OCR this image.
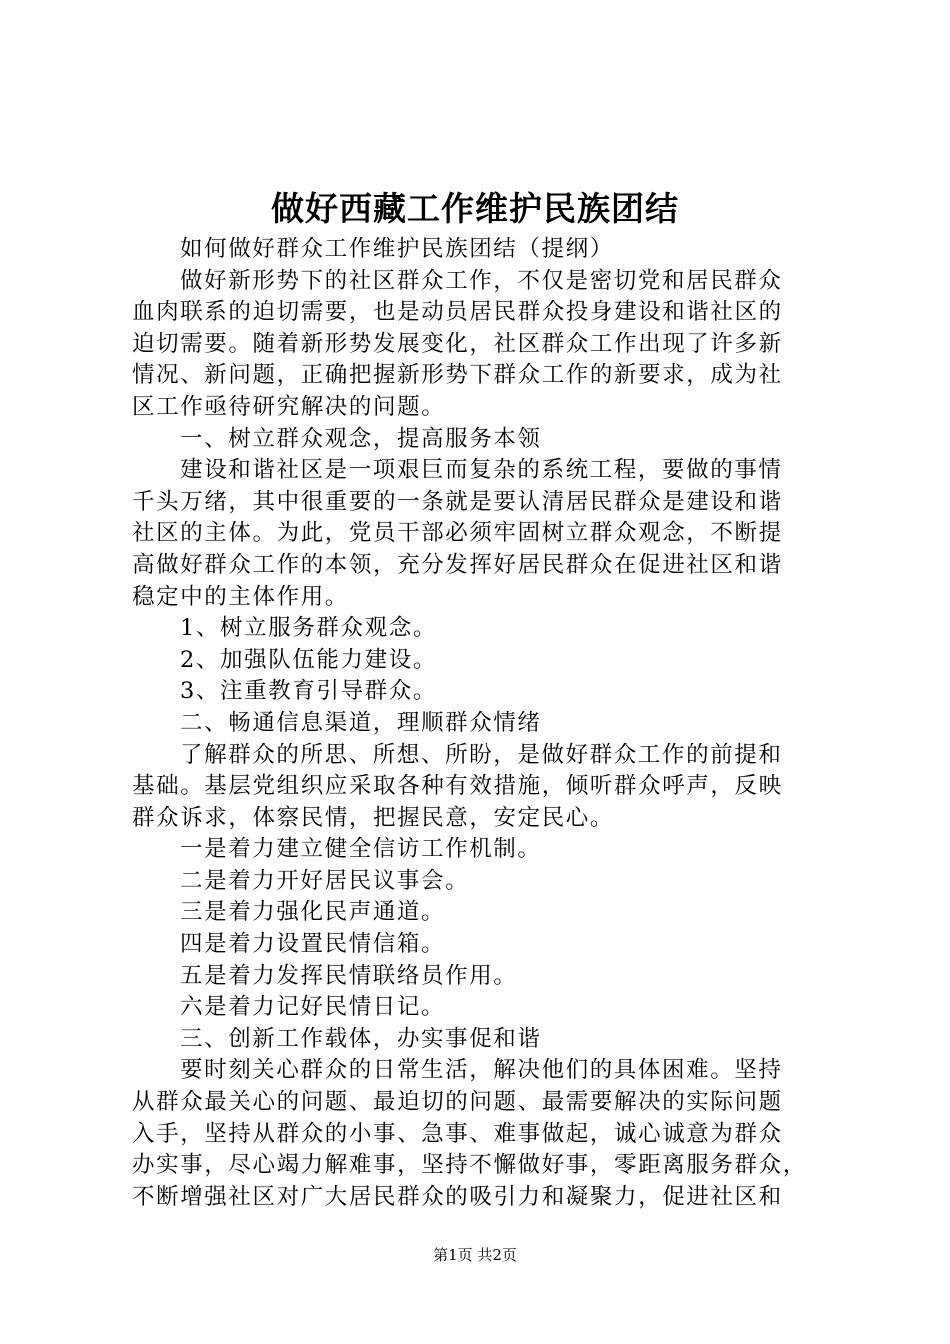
做好西藏工作维护民族团结

如何做好群众工作维护民族团结（提纲）

做好新形势下的社区群众工作，不仅是密切党和居民群众

血肉联系的迫切需要，也是动员居民群众投身建设和谐社区的

迫切需要。随着新形势发展变化，社区群众工作出现了许多新

情况、新问题，正确把握新形势下群众工作的新要求，成为社

区工作亟待研究解决的问题。

一、树立群众观念，提高服务本领

建设和谐社区是一项艰巨而复杂的系统工程，要做的事情

千头万绪，其中很重要的一条就是要认清居民群众是建设和谐

社区的主体。为此，党员干部必须牢固树立群众观念，不断提

高做好群众工作的本领，充分发挥好居民群众在促进社区和谐

稳定中的主体作用。

1、树立服务群众观念。

2、加强队伍能力建设。

3、注重教育引导群众。

二、畅通信息渠道，理顺群众情绪

了解群众的所思、所想、所盼，是做好群众工作的前提和

基础。基层党组织应采取各种有效措施，倾听群众呼声，反映

群众诉求，体察民情，把握民意，安定民心。

一是着力建立健全信访工作机制。

二是着力开好居民议事会。

三是着力强化民声通道。

四是着力设置民情信箱。

五是着力发挥民情联络员作用。

六是着力记好民情日记。

三、创新工作载体，办实事促和谐

要时刻关心群众的日常生活，解决他们的具体困难。坚持

从群众最关心的问题、最迫切的问题、最需要解决的实际问题

入手，坚持从群众的小事、急事、难事做起，诚心诚意为群众

办实事，尽心竭力解难事，坚持不懈做好事，零距离服务群众，

不断增强社区对广大居民群众的吸引力和凝聚力，促进社区和

第1页 共2页
